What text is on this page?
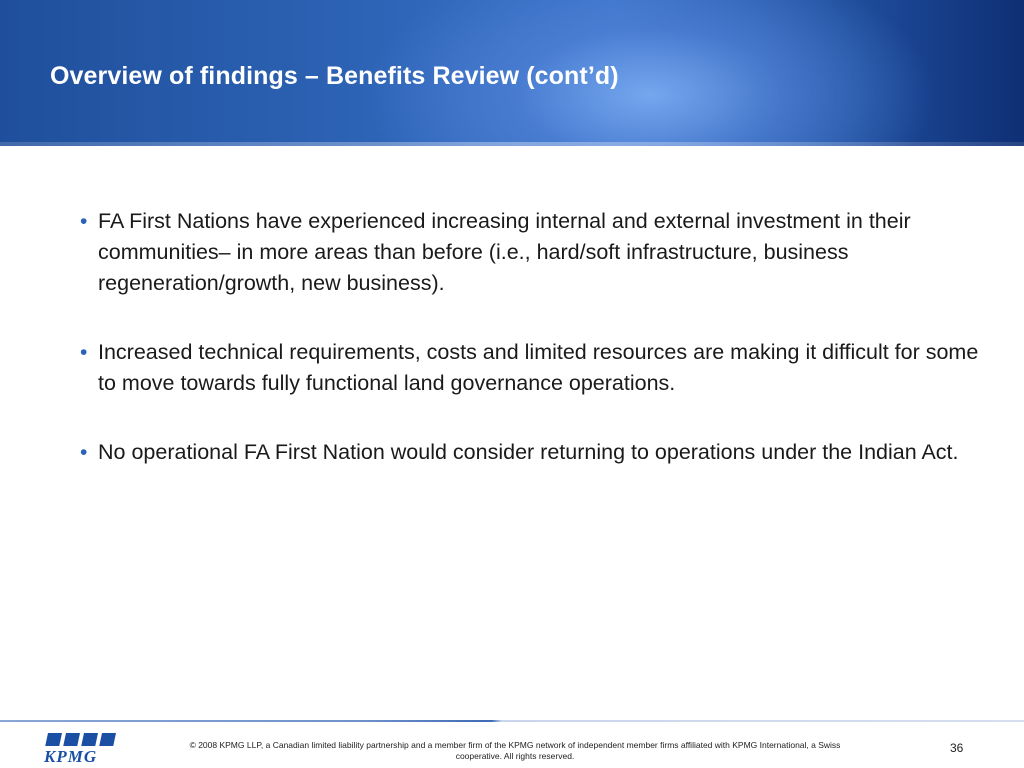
Overview of findings – Benefits Review (cont’d)
• FA First Nations have experienced increasing internal and external investment in their communities– in more areas than before (i.e., hard/soft infrastructure, business regeneration/growth, new business).
• Increased technical requirements, costs and limited resources are making it difficult for some to move towards fully functional land governance operations.
• No operational FA First Nation would consider returning to operations under the Indian Act.
KPMG
© 2008 KPMG LLP, a Canadian limited liability partnership and a member firm of the KPMG network of independent member firms affiliated with KPMG International, a Swiss
cooperative. All rights reserved.
36
